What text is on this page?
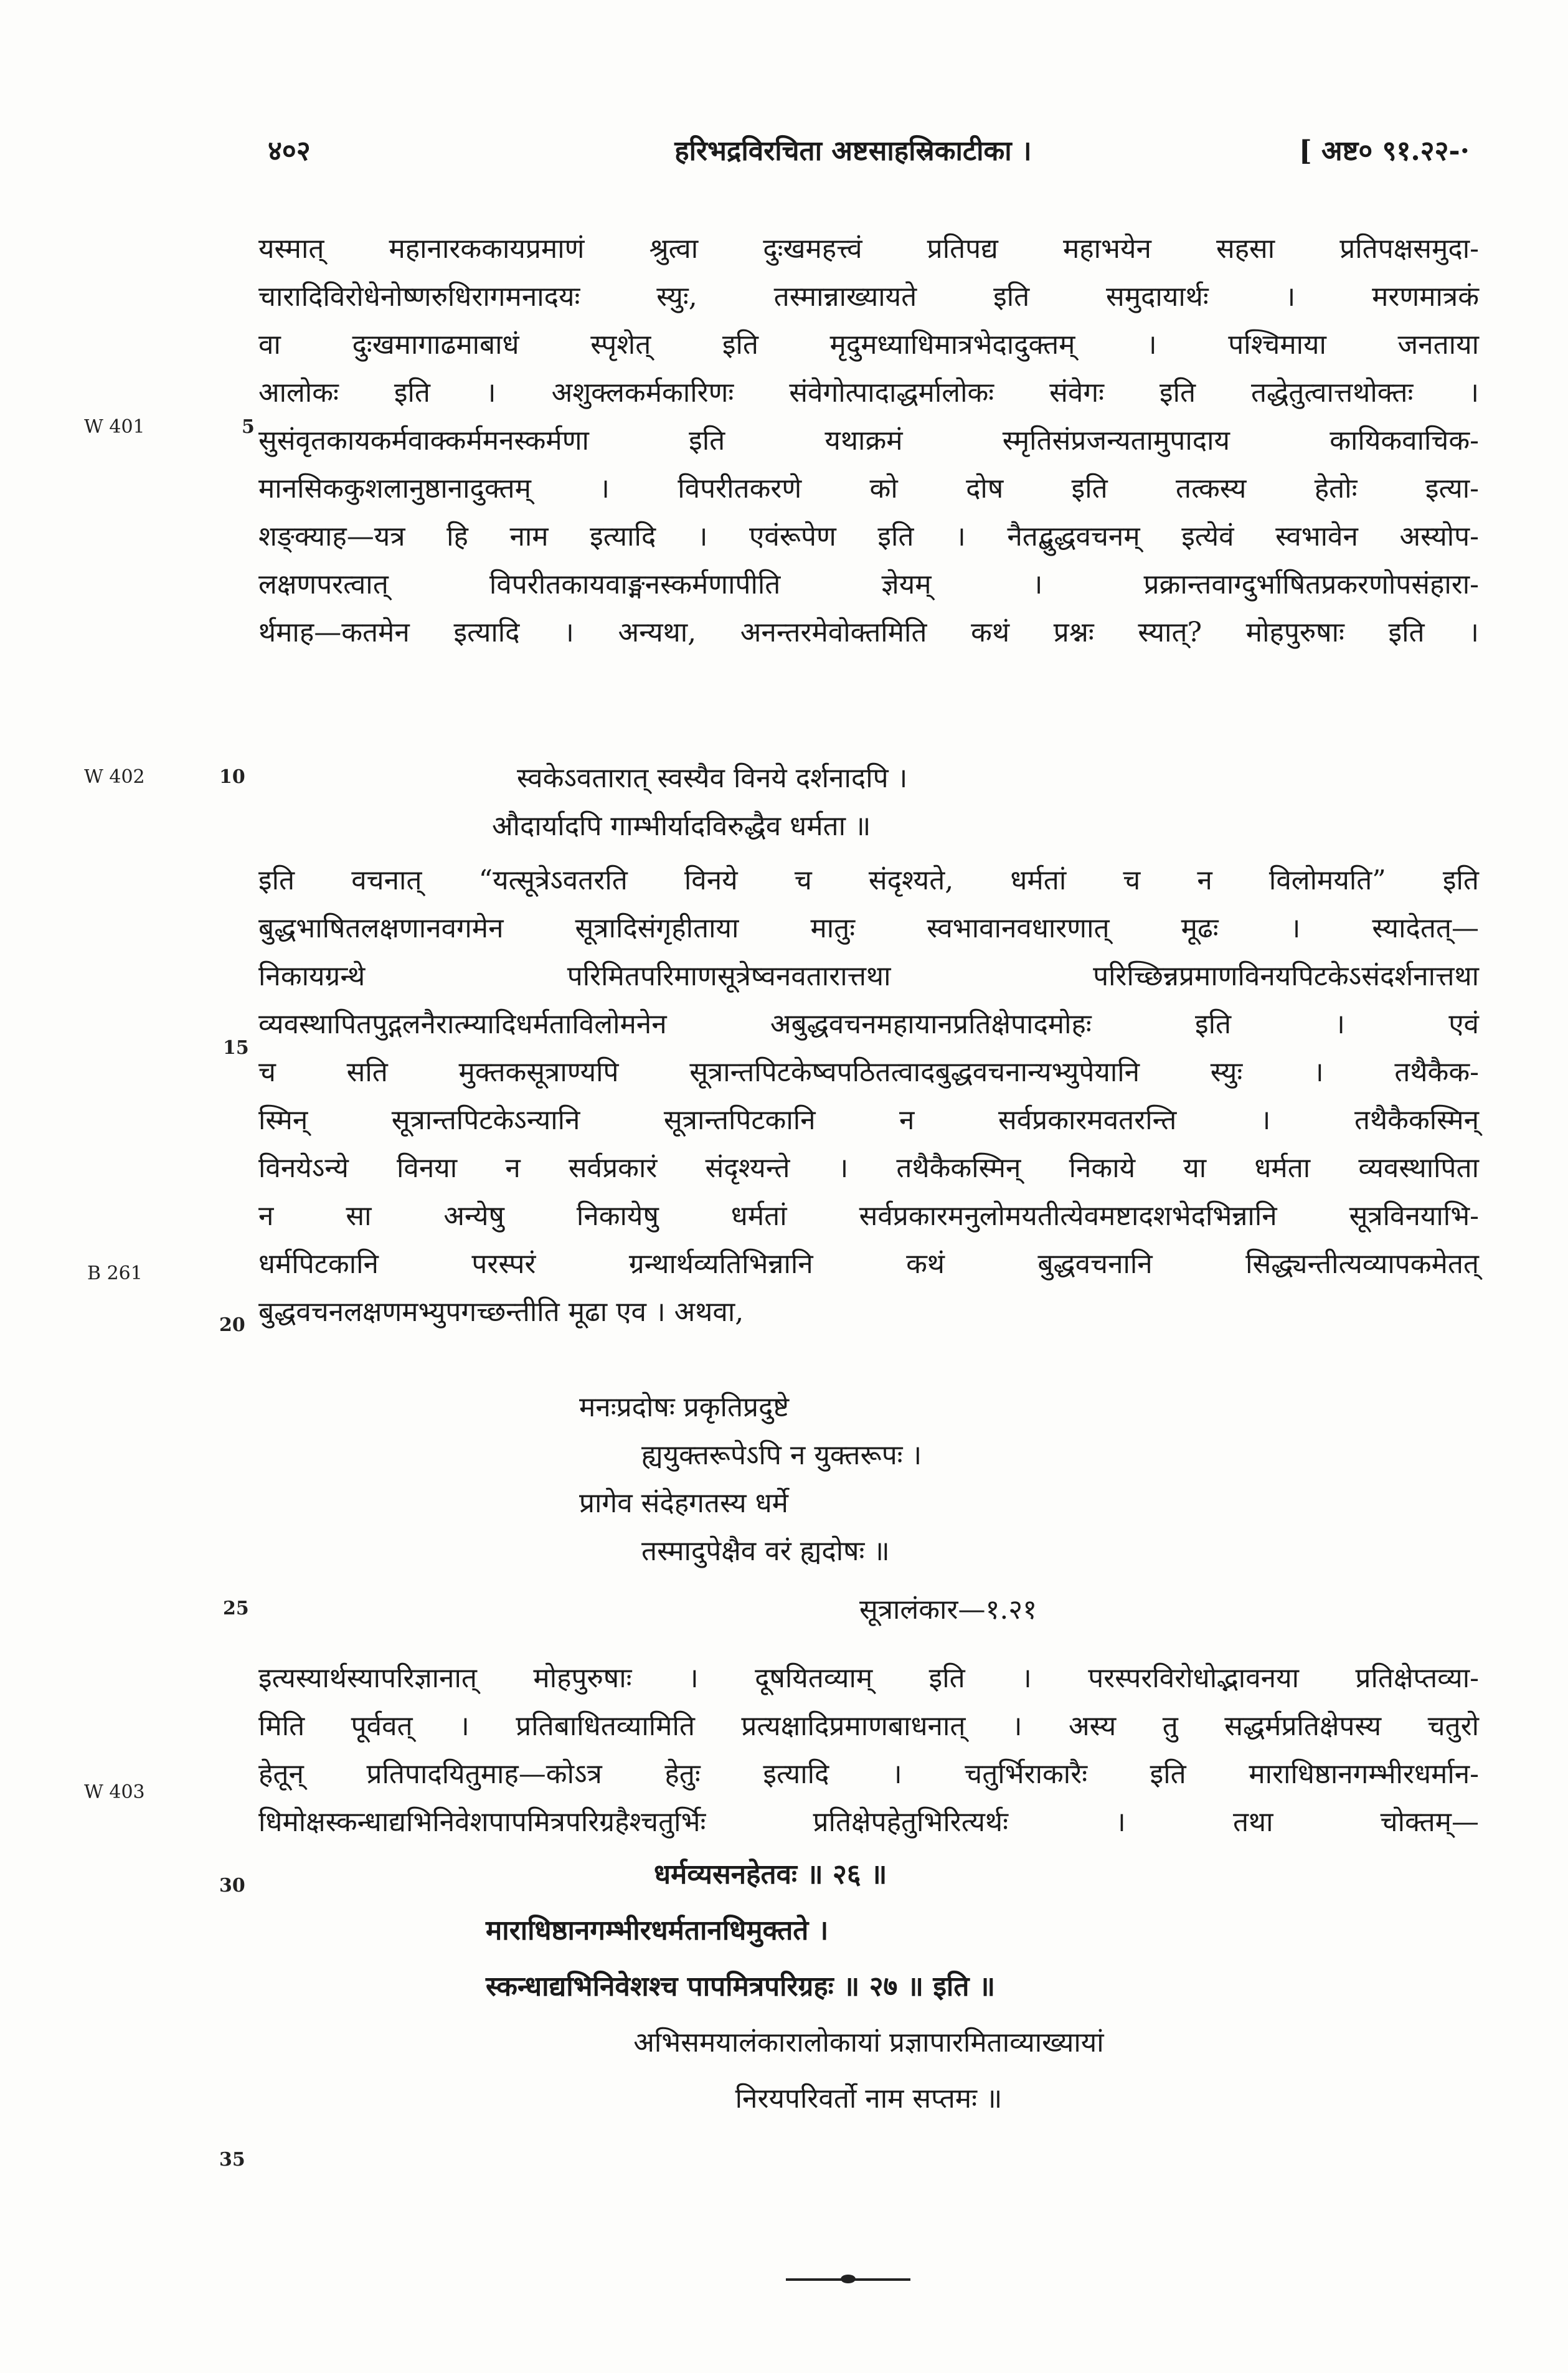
४०२	हरिभद्रविरचिता अष्टसाहस्रिकाटीका ।	[ अष्ट० ९१.२२-·
W 401
W 402
B 261
W 403
5
10
15
20
25
30
35
यस्मात् महानारककायप्रमाणं श्रुत्वा दुःखमहत्त्वं प्रतिपद्य महाभयेन सहसा प्रतिपक्षसमुदा-
चारादिविरोधेनोष्णरुधिरागमनादयः स्युः, तस्मान्नाख्यायते इति समुदायार्थः । मरणमात्रकं
वा दुःखमागाढमाबाधं स्पृशेत् इति मृदुमध्याधिमात्रभेदादुक्तम् । पश्चिमाया जनताया
आलोकः इति । अशुक्लकर्मकारिणः संवेगोत्पादाद्धर्मालोकः संवेगः इति तद्धेतुत्वात्तथोक्तः ।
सुसंवृतकायकर्मवाक्कर्ममनस्कर्मणा इति यथाक्रमं स्मृतिसंप्रजन्यतामुपादाय कायिकवाचिक-
मानसिककुशलानुष्ठानादुक्तम् । विपरीतकरणे को दोष इति तत्कस्य हेतोः इत्या-
शङ्क्याह—यत्र हि नाम इत्यादि । एवंरूपेण इति । नैतद्बुद्धवचनम् इत्येवं स्वभावेन अस्योप-
लक्षणपरत्वात् विपरीतकायवाङ्मनस्कर्मणापीति ज्ञेयम् । प्रक्रान्तवाग्दुर्भाषितप्रकरणोपसंहारा-
र्थमाह—कतमेन इत्यादि । अन्यथा, अनन्तरमेवोक्तमिति कथं प्रश्नः स्यात्? मोहपुरुषाः इति ।
स्वकेऽवतारात् स्वस्यैव विनये दर्शनादपि ।
औदार्यादपि गाम्भीर्यादविरुद्धैव धर्मता ॥
इति वचनात् “यत्सूत्रेऽवतरति विनये च संदृश्यते, धर्मतां च न विलोमयति” इति
बुद्धभाषितलक्षणानवगमेन सूत्रादिसंगृहीताया मातुः स्वभावानवधारणात् मूढः । स्यादेतत्—
निकायग्रन्थे परिमितपरिमाणसूत्रेष्वनवतारात्तथा परिच्छिन्नप्रमाणविनयपिटकेऽसंदर्शनात्तथा
व्यवस्थापितपुद्गलनैरात्म्यादिधर्मताविलोमनेन अबुद्धवचनमहायानप्रतिक्षेपादमोहः इति । एवं
च सति मुक्तकसूत्राण्यपि सूत्रान्तपिटकेष्वपठितत्वादबुद्धवचनान्यभ्युपेयानि स्युः । तथैकैक-
स्मिन् सूत्रान्तपिटकेऽन्यानि सूत्रान्तपिटकानि न सर्वप्रकारमवतरन्ति । तथैकैकस्मिन्
विनयेऽन्ये विनया न सर्वप्रकारं संदृश्यन्ते । तथैकैकस्मिन् निकाये या धर्मता व्यवस्थापिता
न सा अन्येषु निकायेषु धर्मतां सर्वप्रकारमनुलोमयतीत्येवमष्टादशभेदभिन्नानि सूत्रविनयाभि-
धर्मपिटकानि परस्परं ग्रन्थार्थव्यतिभिन्नानि कथं बुद्धवचनानि सिद्ध्यन्तीत्यव्यापकमेतत्
बुद्धवचनलक्षणमभ्युपगच्छन्तीति मूढा एव । अथवा,
मनःप्रदोषः प्रकृतिप्रदुष्टे
ह्ययुक्तरूपेऽपि न युक्तरूपः ।
प्रागेव संदेहगतस्य धर्मे
तस्मादुपेक्षैव वरं ह्यदोषः ॥
सूत्रालंकार—१.२१
इत्यस्यार्थस्यापरिज्ञानात् मोहपुरुषाः । दूषयितव्याम् इति । परस्परविरोधोद्भावनया प्रतिक्षेप्तव्या-
मिति पूर्ववत् । प्रतिबाधितव्यामिति प्रत्यक्षादिप्रमाणबाधनात् । अस्य तु सद्धर्मप्रतिक्षेपस्य चतुरो
हेतून् प्रतिपादयितुमाह—कोऽत्र हेतुः इत्यादि । चतुर्भिराकारैः इति माराधिष्ठानगम्भीरधर्मान-
धिमोक्षस्कन्धाद्यभिनिवेशपापमित्रपरिग्रहैश्चतुर्भिः प्रतिक्षेपहेतुभिरित्यर्थः । तथा चोक्तम्—
धर्मव्यसनहेतवः ॥ २६ ॥
माराधिष्ठानगम्भीरधर्मतानधिमुक्तते ।
स्कन्धाद्यभिनिवेशश्च पापमित्रपरिग्रहः ॥ २७ ॥ इति ॥
अभिसमयालंकारालोकायां प्रज्ञापारमिताव्याख्यायां
निरयपरिवर्तो नाम सप्तमः ॥
